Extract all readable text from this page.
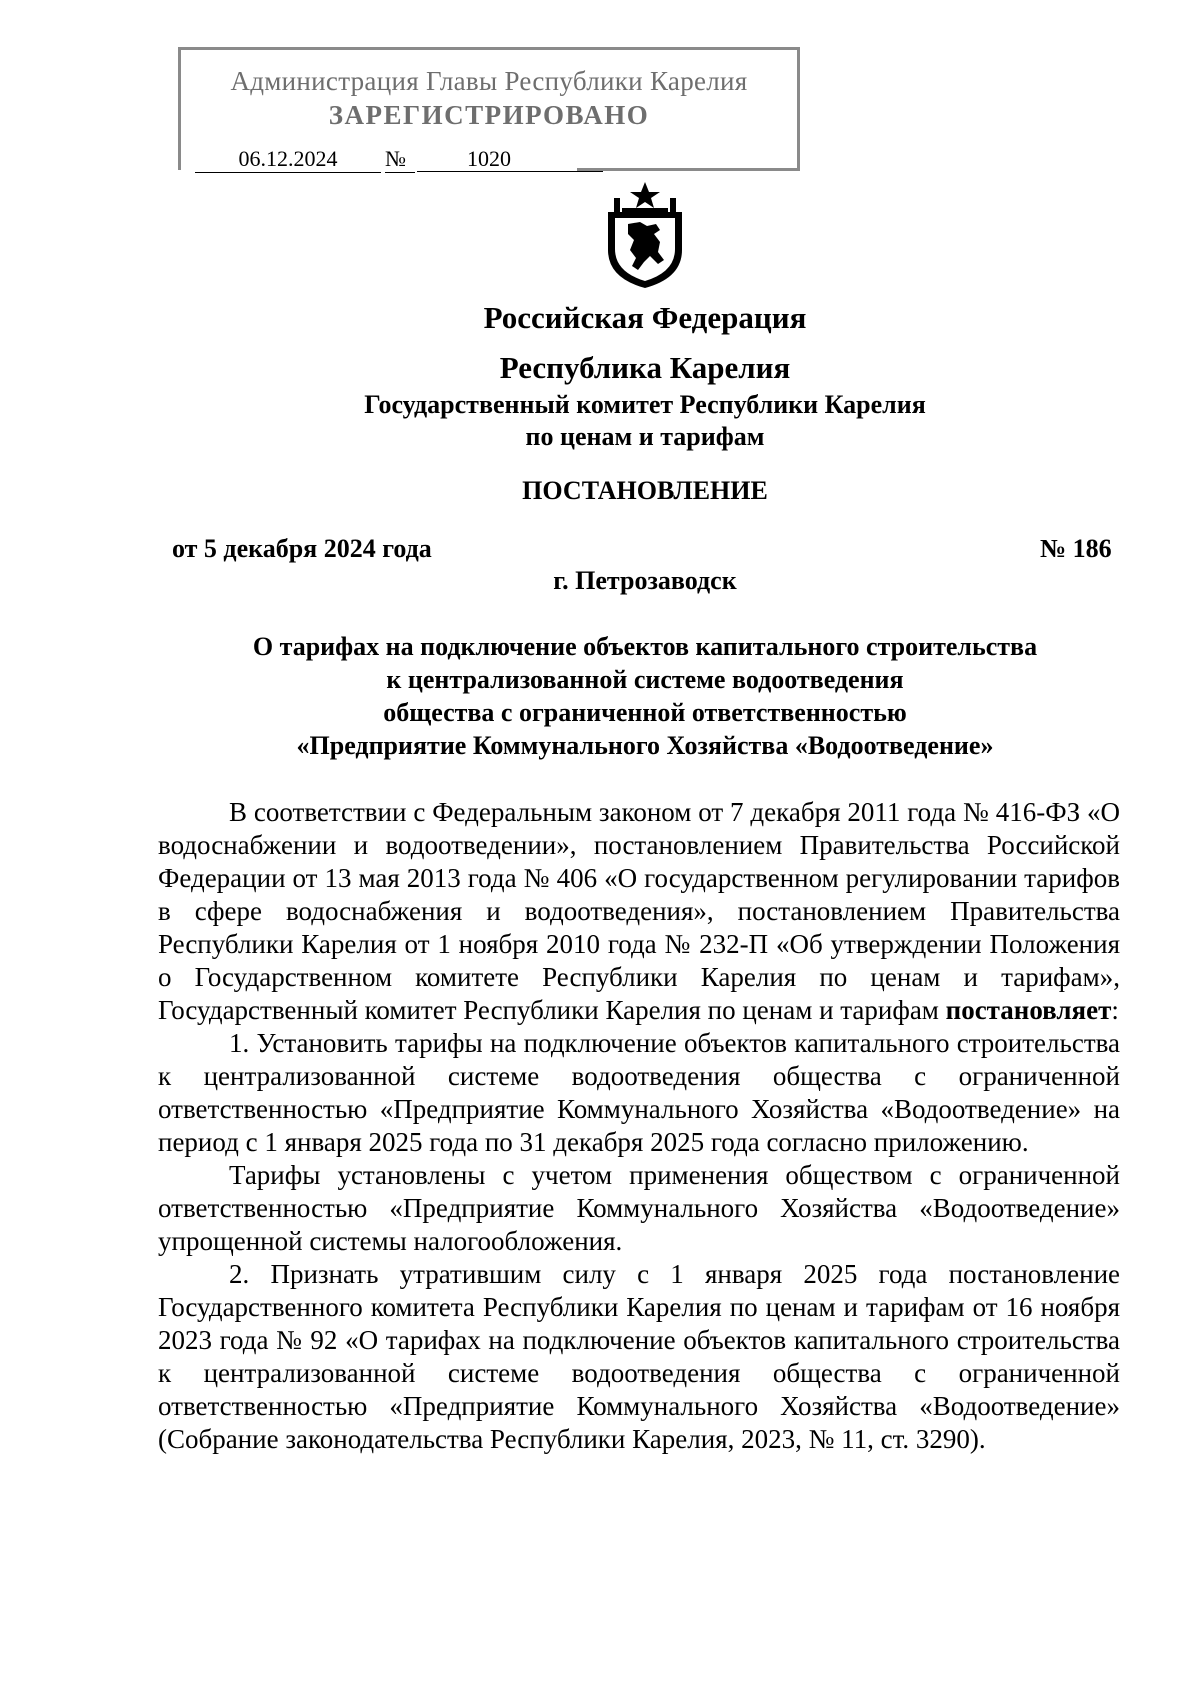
Администрация Главы Республики Карелия
ЗАРЕГИСТРИРОВАНО
06.12.2024	№	1020
Российская Федерация
Республика Карелия
Государственный комитет Республики Карелия
по ценам и тарифам
ПОСТАНОВЛЕНИЕ
от 5 декабря 2024 года	№ 186
г. Петрозаводск
О тарифах на подключение объектов капитального строительства
к централизованной системе водоотведения
общества с ограниченной ответственностью
«Предприятие Коммунального Хозяйства «Водоотведение»

В соответствии с Федеральным законом от 7 декабря 2011 года № 416-ФЗ «О водоснабжении и водоотведении», постановлением Правительства Российской Федерации от 13 мая 2013 года № 406 «О государственном регулировании тарифов в сфере водоснабжения и водоотведения», постановлением Правительства Республики Карелия от 1 ноября 2010 года № 232-П «Об утверждении Положения о Государственном комитете Республики Карелия по ценам и тарифам», Государственный комитет Республики Карелия по ценам и тарифам постановляет:

1. Установить тарифы на подключение объектов капитального строительства к централизованной системе водоотведения общества с ограниченной ответственностью «Предприятие Коммунального Хозяйства «Водоотведение» на период с 1 января 2025 года по 31 декабря 2025 года согласно приложению.

Тарифы установлены с учетом применения обществом с ограниченной ответственностью «Предприятие Коммунального Хозяйства «Водоотведение» упрощенной системы налогообложения.

2. Признать утратившим силу с 1 января 2025 года постановление Государственного комитета Республики Карелия по ценам и тарифам от 16 ноября 2023 года № 92 «О тарифах на подключение объектов капитального строительства к централизованной системе водоотведения общества с ограниченной ответственностью «Предприятие Коммунального Хозяйства «Водоотведение» (Собрание законодательства Республики Карелия, 2023, № 11, ст. 3290).
